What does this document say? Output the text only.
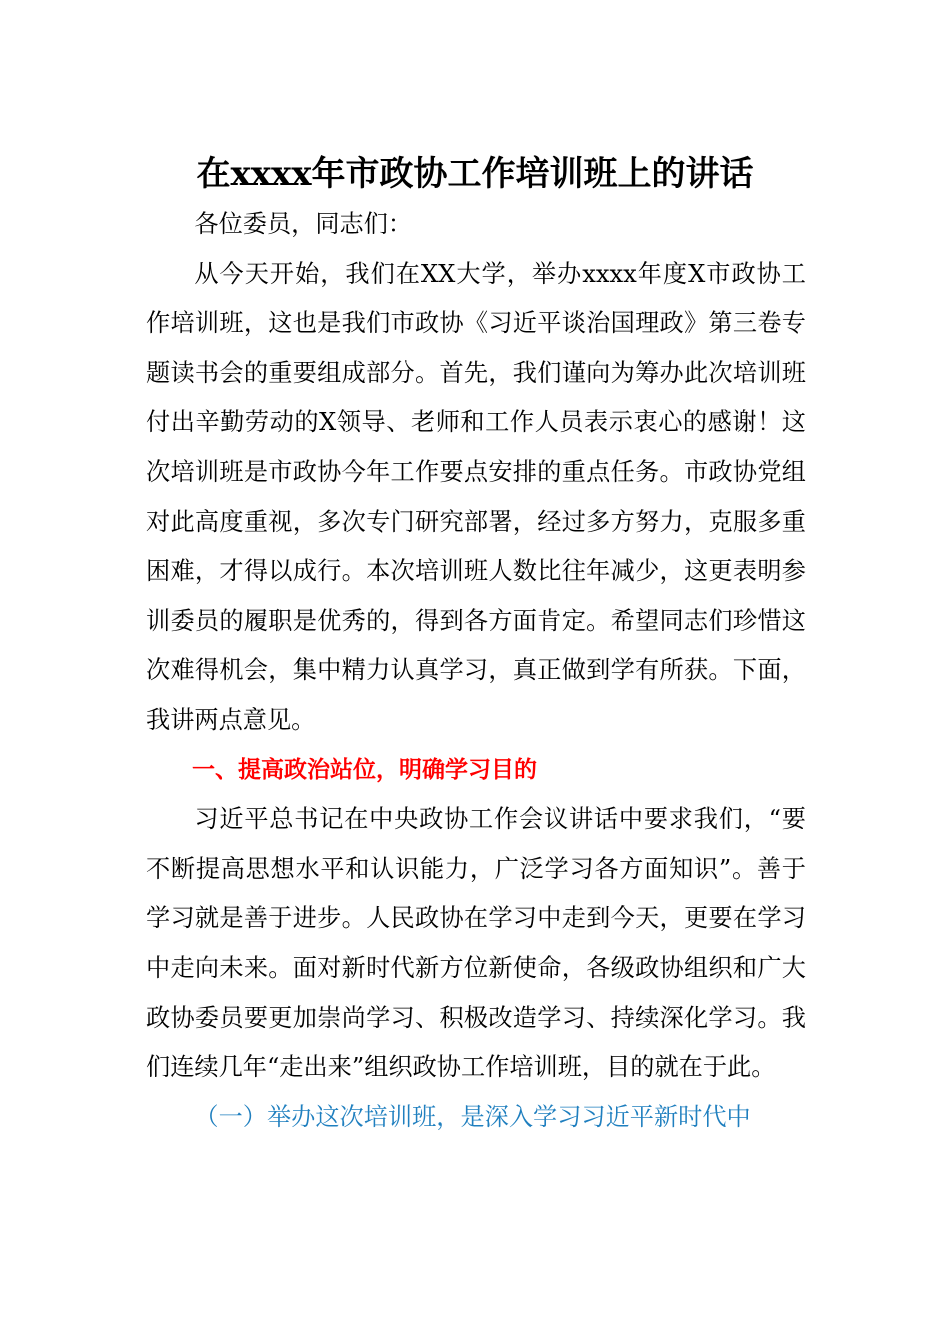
在xxxx年市政协工作培训班上的讲话

各位委员，同志们：

从今天开始，我们在XX大学，举办xxxx年度X市政协工作培训班，这也是我们市政协《习近平谈治国理政》第三卷专题读书会的重要组成部分。首先，我们谨向为筹办此次培训班付出辛勤劳动的X领导、老师和工作人员表示衷心的感谢！这次培训班是市政协今年工作要点安排的重点任务。市政协党组对此高度重视，多次专门研究部署，经过多方努力，克服多重困难，才得以成行。本次培训班人数比往年减少，这更表明参训委员的履职是优秀的，得到各方面肯定。希望同志们珍惜这次难得机会，集中精力认真学习，真正做到学有所获。下面，我讲两点意见。

一、提高政治站位，明确学习目的

习近平总书记在中央政协工作会议讲话中要求我们，“要不断提高思想水平和认识能力，广泛学习各方面知识”。善于学习就是善于进步。人民政协在学习中走到今天，更要在学习中走向未来。面对新时代新方位新使命，各级政协组织和广大政协委员要更加崇尚学习、积极改造学习、持续深化学习。我们连续几年“走出来”组织政协工作培训班，目的就在于此。

（一）举办这次培训班，是深入学习习近平新时代中
